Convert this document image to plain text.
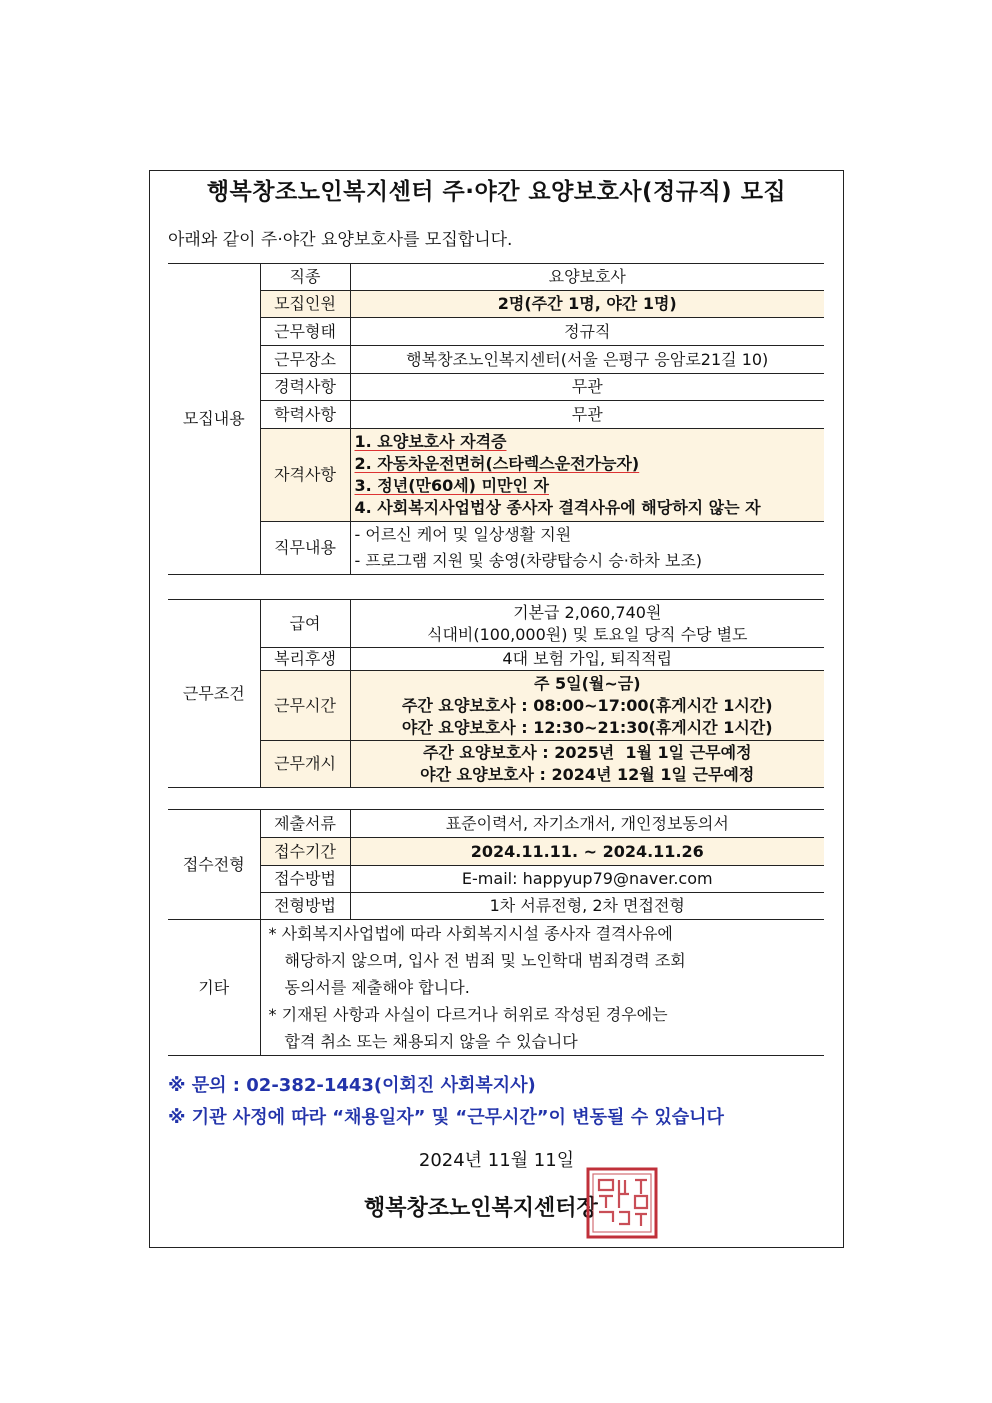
행복창조노인복지센터 주·야간 요양보호사(정규직) 모집
아래와 같이 주·야간 요양보호사를 모집합니다.
모집내용	직종	요양보호사
	모집인원	2명(주간 1명, 야간 1명)
	근무형태	정규직
	근무장소	행복창조노인복지센터(서울 은평구 응암로21길 10)
	경력사항	무관
	학력사항	무관
	자격사항	1. 요양보호사 자격증
2. 자동차운전면허(스타렉스운전가능자)
3. 정년(만60세) 미만인 자
4. 사회복지사업법상 종사자 결격사유에 해당하지 않는 자

	직무내용	- 어르신 케어 및 일상생활 지원
- 프로그램 지원 및 송영(차량탑승시 승·하차 보조)
근무조건	급여	기본급 2,060,740원
식대비(100,000원) 및 토요일 당직 수당 별도

	복리후생	4대 보험 가입, 퇴직적립
	근무시간	주 5일(월~금)
주간 요양보호사 : 08:00~17:00(휴게시간 1시간)
야간 요양보호사 : 12:30~21:30(휴게시간 1시간)

	근무개시	주간 요양보호사 : 2025년  1월 1일 근무예정
야간 요양보호사 : 2024년 12월 1일 근무예정
접수전형	제출서류	표준이력서, 자기소개서, 개인정보동의서
	접수기간	2024.11.11. ~ 2024.11.26
	접수방법	E-mail: happyup79@naver.com
	전형방법	1차 서류전형, 2차 면접전형
기타	* 사회복지사업법에 따라 사회복지시설 종사자 결격사유에
해당하지 않으며, 입사 전 범죄 및 노인학대 범죄경력 조회
동의서를 제출해야 합니다.
* 기재된 사항과 사실이 다르거나 허위로 작성된 경우에는
합격 취소 또는 채용되지 않을 수 있습니다	
※ 문의 : 02-382-1443(이회진 사회복지사)
※ 기관 사정에 따라 “채용일자” 및 “근무시간”이 변동될 수 있습니다
2024년 11월 11일
행복창조노인복지센터장
